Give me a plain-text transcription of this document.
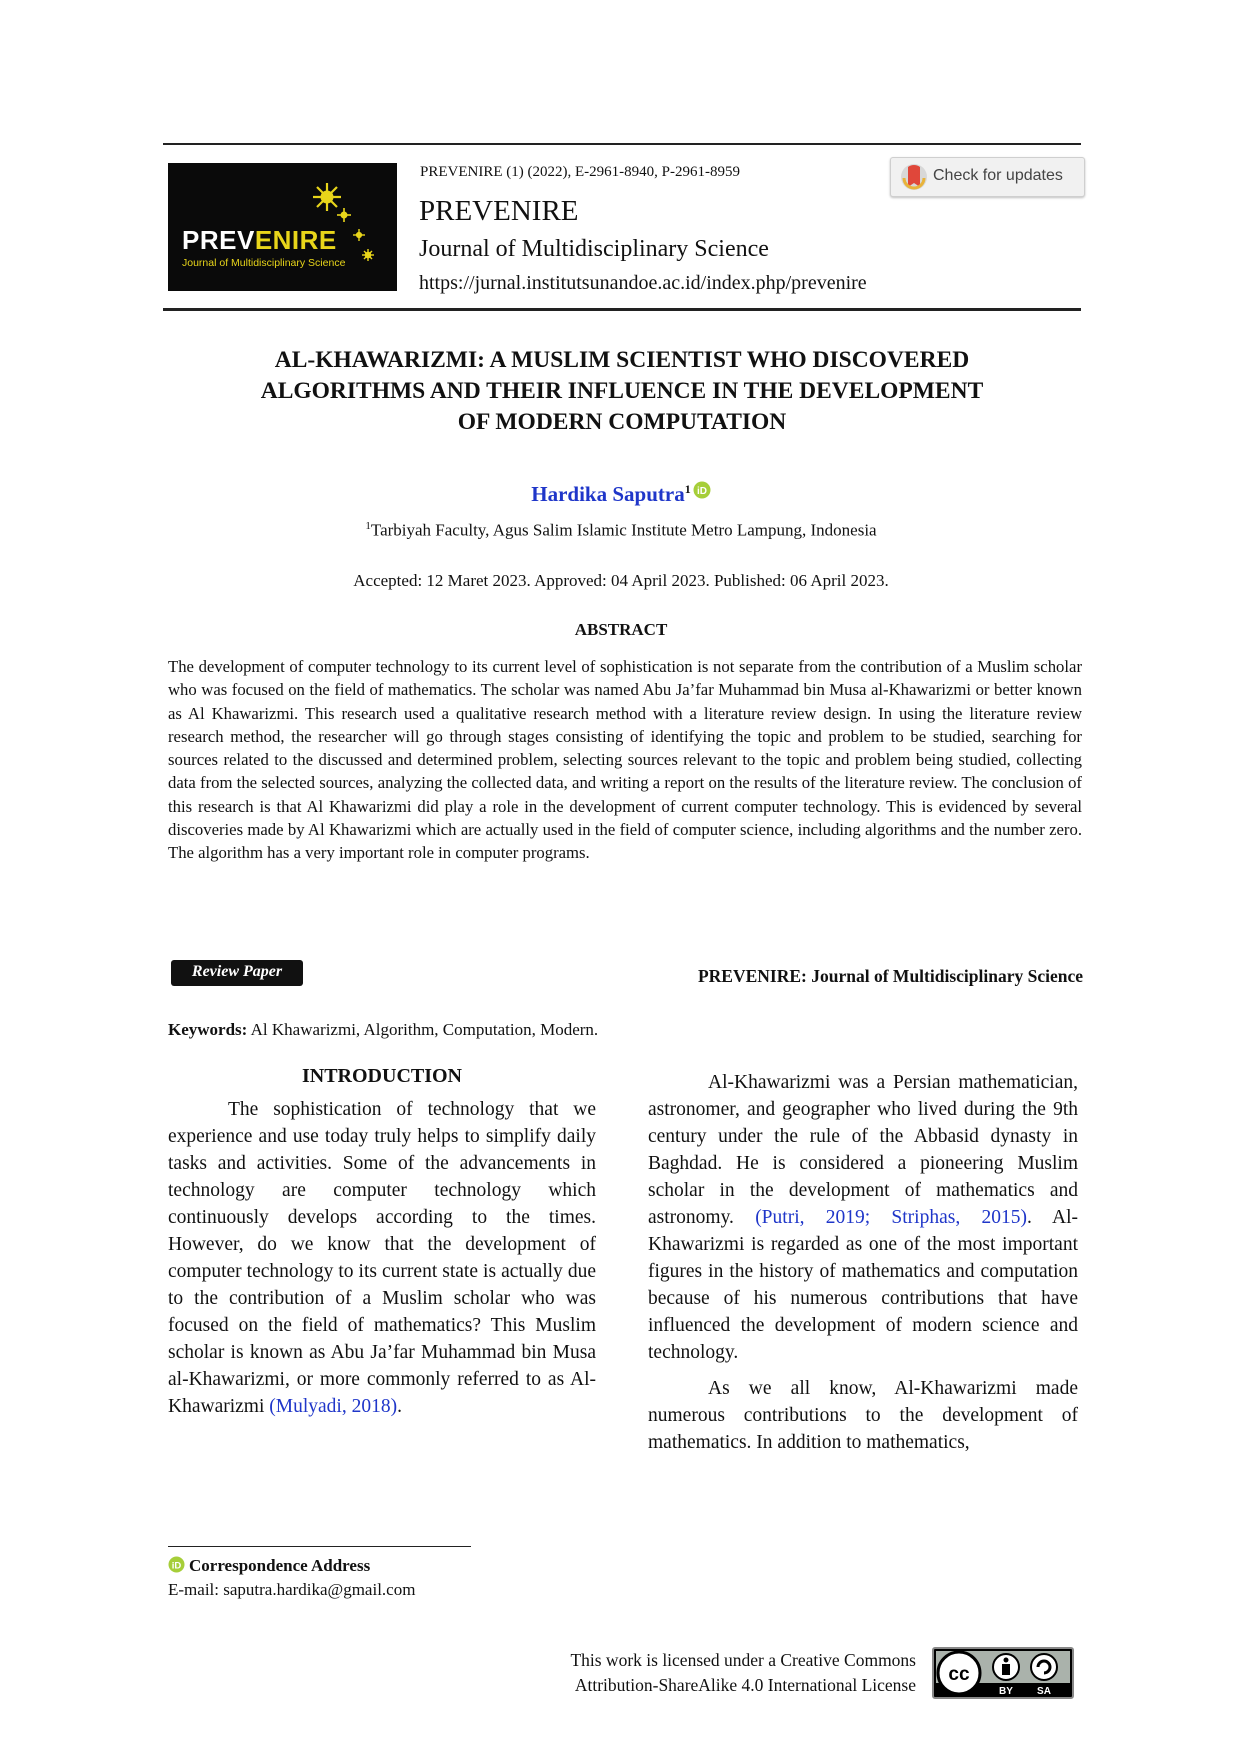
PREVENIRE
Journal of Multidisciplinary Science
PREVENIRE (1) (2022), E-2961-8940, P-2961-8959
PREVENIRE
Journal of Multidisciplinary Science
https://jurnal.institutsunandoe.ac.id/index.php/prevenire
Check for updates
AL-KHAWARIZMI: A MUSLIM SCIENTIST WHO DISCOVERED
ALGORITHMS AND THEIR INFLUENCE IN THE DEVELOPMENT
OF MODERN COMPUTATION
Hardika Saputra$^1$ iD
$^1$Tarbiyah Faculty, Agus Salim Islamic Institute Metro Lampung, Indonesia
Accepted: 12 Maret 2023. Approved: 04 April 2023. Published: 06 April 2023.
ABSTRACT
The development of computer technology to its current level of sophistication is not separate from the contribution of a Muslim scholar who was focused on the field of mathematics. The scholar was named Abu Ja’far Muhammad bin Musa al-Khawarizmi or better known as Al Khawarizmi. This research used a qualitative research method with a literature review design. In using the literature review research method, the researcher will go through stages consisting of identifying the topic and problem to be studied, searching for sources related to the discussed and determined problem, selecting sources relevant to the topic and problem being studied, collecting data from the selected sources, analyzing the collected data, and writing a report on the results of the literature review. The conclusion of this research is that Al Khawarizmi did play a role in the development of current computer technology. This is evidenced by several discoveries made by Al Khawarizmi which are actually used in the field of computer science, including algorithms and the number zero. The algorithm has a very important role in computer programs.
Review Paper	PREVENIRE: Journal of Multidisciplinary Science
Keywords: Al Khawarizmi, Algorithm, Computation, Modern.
INTRODUCTION

The sophistication of technology that we experience and use today truly helps to simplify daily tasks and activities. Some of the advancements in technology are computer technology which continuously develops according to the times. However, do we know that the development of computer technology to its current state is actually due to the contribution of a Muslim scholar who was focused on the field of mathematics? This Muslim scholar is known as Abu Ja’far Muhammad bin Musa al-Khawarizmi, or more commonly referred to as Al-Khawarizmi (Mulyadi, 2018).

Al-Khawarizmi was a Persian mathematician, astronomer, and geographer who lived during the 9th century under the rule of the Abbasid dynasty in Baghdad. He is considered a pioneering Muslim scholar in the development of mathematics and astronomy. (Putri, 2019; Striphas, 2015). Al-Khawarizmi is regarded as one of the most important figures in the history of mathematics and computation because of his numerous contributions that have influenced the development of modern science and technology.

As we all know, Al-Khawarizmi made numerous contributions to the development of mathematics. In addition to mathematics,

iD Correspondence Address
E-mail: saputra.hardika@gmail.com
This work is licensed under a Creative Commons
Attribution-ShareAlike 4.0 International License cc
BY SA
